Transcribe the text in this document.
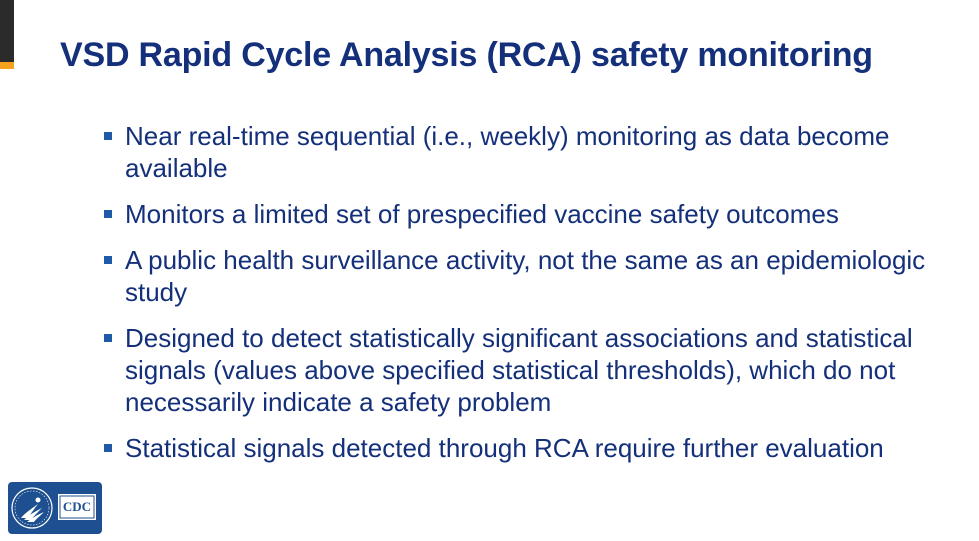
VSD Rapid Cycle Analysis (RCA) safety monitoring
Near real-time sequential (i.e., weekly) monitoring as data become available
Monitors a limited set of prespecified vaccine safety outcomes
A public health surveillance activity, not the same as an epidemiologic study
Designed to detect statistically significant associations and statistical signals (values above specified statistical thresholds), which do not necessarily indicate a safety problem
Statistical signals detected through RCA require further evaluation
CDC
